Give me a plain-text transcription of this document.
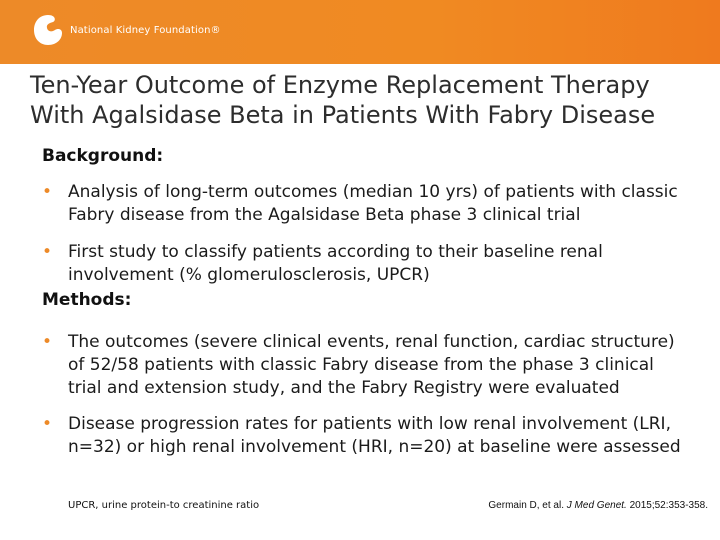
National Kidney Foundation®
Ten-Year Outcome of Enzyme Replacement Therapy
With Agalsidase Beta in Patients With Fabry Disease

Background:

• Analysis of long-term outcomes (median 10 yrs) of patients with classic Fabry disease from the Agalsidase Beta phase 3 clinical trial
• First study to classify patients according to their baseline renal involvement (% glomerulosclerosis, UPCR)

Methods:

• The outcomes (severe clinical events, renal function, cardiac structure) of 52/58 patients with classic Fabry disease from the phase 3 clinical trial and extension study, and the Fabry Registry were evaluated
• Disease progression rates for patients with low renal involvement (LRI, n=32) or high renal involvement (HRI, n=20) at baseline were assessed
UPCR, urine protein-to creatinine ratio	Germain D, et al. J Med Genet. 2015;52:353-358.
